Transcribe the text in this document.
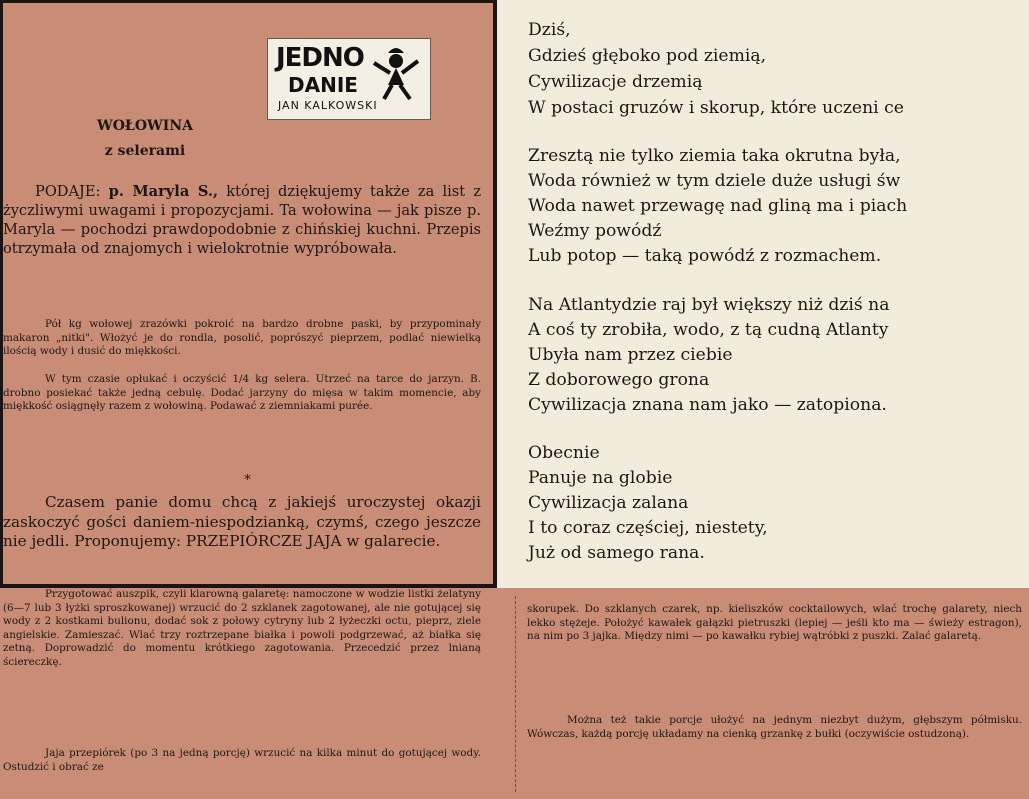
JEDNO
DANIE
JAN KALKOWSKI
WOŁOWINA
z selerami
PODAJE: p. Maryla S., której dziękujemy także za list z życzliwymi uwagami i propozycjami. Ta wołowina — jak pisze p. Maryla — pochodzi prawdopodobnie z chińskiej kuchni. Przepis otrzymała od znajomych i wielokrotnie wypróbowała.
Pół kg wołowej zrazówki pokroić na bardzo drobne paski, by przypominały makaron „nitki". Włożyć je do rondla, posolić, poprószyć pieprzem, podlać niewielką ilością wody i dusić do miękkości.
W tym czasie opłukać i oczyścić 1/4 kg selera. Utrzeć na tarce do jarzyn. B. drobno posiekać także jedną cebulę. Dodać jarzyny do mięsa w takim momencie, aby miękkość osiągnęły razem z wołowiną. Podawać z ziemniakami purée.
*
Czasem panie domu chcą z jakiejś uroczystej okazji zaskoczyć gości daniem-niespodzianką, czymś, czego jeszcze nie jedli. Proponujemy: PRZEPIÓRCZE JAJA w galarecie.
Przygotować auszpik, czyli klarowną galaretę: namoczone w wodzie listki żelatyny (6—7 lub 3 łyżki sproszkowanej) wrzucić do 2 szklanek zagotowanej, ale nie gotującej się wody z 2 kostkami bulionu, dodać sok z połowy cytryny lub 2 łyżeczki octu, pieprz, ziele angielskie. Zamieszać. Wlać trzy roztrzepane białka i powoli podgrzewać, aż białka się zetną. Doprowadzić do momentu krótkiego zagotowania. Przecedzić przez lnianą ściereczkę.
Jaja przepiórek (po 3 na jedną porcję) wrzucić na kilka minut do gotującej wody. Ostudzić i obrać ze
skorupek. Do szklanych czarek, np. kieliszków cocktailowych, wlać trochę galarety, niech lekko stężeje. Położyć kawałek gałązki pietruszki (lepiej — jeśli kto ma — świeży estragon), na nim po 3 jajka. Między nimi — po kawałku rybiej wątróbki z puszki. Zalać galaretą.
Można też takie porcje ułożyć na jednym niezbyt dużym, głębszym półmisku. Wówczas, każdą porcję układamy na cienką grzankę z bułki (oczywiście ostudzoną).
Dziś,
Gdzieś głęboko pod ziemią,
Cywilizacje drzemią
W postaci gruzów i skorup, które uczeni ce
Zresztą nie tylko ziemia taka okrutna była,
Woda również w tym dziele duże usługi św
Woda nawet przewagę nad gliną ma i piach
Weźmy powódź
Lub potop — taką powódź z rozmachem.
Na Atlantydzie raj był większy niż dziś na
A coś ty zrobiła, wodo, z tą cudną Atlanty
Ubyła nam przez ciebie
Z doborowego grona
Cywilizacja znana nam jako — zatopiona.
Obecnie
Panuje na globie
Cywilizacja zalana
I to coraz częściej, niestety,
Już od samego rana.
